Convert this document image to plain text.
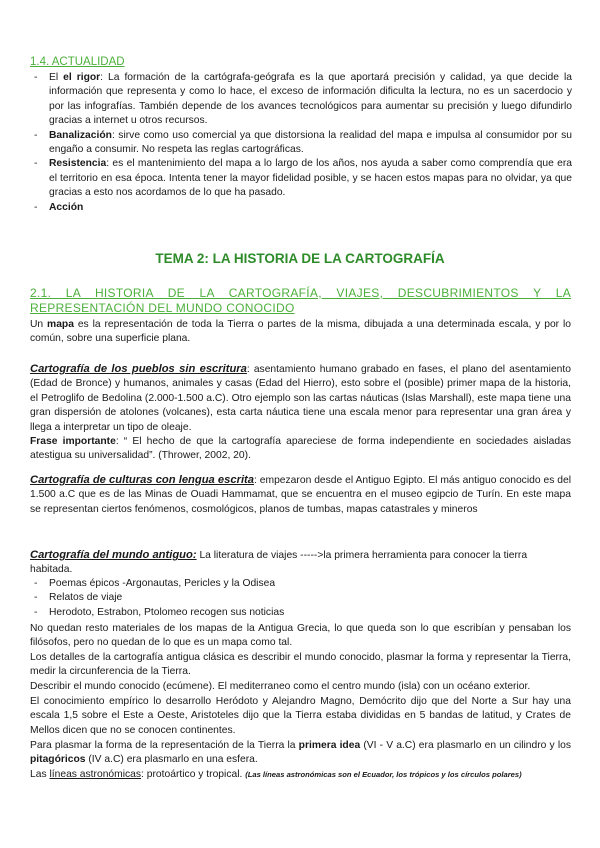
1.4. ACTUALIDAD
- El el rigor: La formación de la cartógrafa-geógrafa es la que aportará precisión y calidad, ya que decide la información que representa y como lo hace, el exceso de información dificulta la lectura, no es un sacerdocio y por las infografías. También depende de los avances tecnológicos para aumentar su precisión y luego difundirlo gracias a internet u otros recursos.
- Banalización: sirve como uso comercial ya que distorsiona la realidad del mapa e impulsa al consumidor por su engaño a consumir. No respeta las reglas cartográficas.
- Resistencia: es el mantenimiento del mapa a lo largo de los años, nos ayuda a saber como comprendía que era el territorio en esa época. Intenta tener la mayor fidelidad posible, y se hacen estos mapas para no olvidar, ya que gracias a esto nos acordamos de lo que ha pasado.
- Acción
TEMA 2: LA HISTORIA DE LA CARTOGRAFÍA
2.1. LA HISTORIA DE LA CARTOGRAFÍA, VIAJES, DESCUBRIMIENTOS Y LA REPRESENTACIÓN DEL MUNDO CONOCIDO

Un mapa es la representación de toda la Tierra o partes de la misma, dibujada a una determinada escala, y por lo común, sobre una superficie plana.

Cartografía de los pueblos sin escritura: asentamiento humano grabado en fases, el plano del asentamiento (Edad de Bronce) y humanos, animales y casas (Edad del Hierro), esto sobre el (posible) primer mapa de la historia, el Petroglifo de Bedolina (2.000-1.500 a.C). Otro ejemplo son las cartas náuticas (Islas Marshall), este mapa tiene una gran dispersión de atolones (volcanes), esta carta náutica tiene una escala menor para representar una gran área y llega a interpretar un tipo de oleaje.
Frase importante: “ El hecho de que la cartografía apareciese de forma independiente en sociedades aisladas atestigua su universalidad”. (Thrower, 2002, 20).

Cartografía de culturas con lengua escrita: empezaron desde el Antiguo Egipto. El más antiguo conocido es del 1.500 a.C que es de las Minas de Ouadi Hammamat, que se encuentra en el museo egipcio de Turín. En este mapa se representan ciertos fenómenos, cosmológicos, planos de tumbas, mapas catastrales y mineros

Cartografía del mundo antiguo: La literatura de viajes ----->la primera herramienta para conocer la tierra habitada.

- Poemas épicos -Argonautas, Pericles y la Odisea
- Relatos de viaje
- Herodoto, Estrabon, Ptolomeo recogen sus noticias

No quedan resto materiales de los mapas de la Antigua Grecia, lo que queda son lo que escribían y pensaban los filósofos, pero no quedan de lo que es un mapa como tal.

Los detalles de la cartografía antigua clásica es describir el mundo conocido, plasmar la forma y representar la Tierra, medir la circunferencia de la Tierra.

Describir el mundo conocido (ecúmene). El mediterraneo como el centro mundo (isla) con un océano exterior.

El conocimiento empírico lo desarrollo Heródoto y Alejandro Magno, Demócrito dijo que del Norte a Sur hay una escala 1,5 sobre el Este a Oeste, Aristoteles dijo que la Tierra estaba divididas en 5 bandas de latitud, y Crates de Mellos dicen que no se conocen continentes.

Para plasmar la forma de la representación de la Tierra la primera idea (VI - V a.C) era plasmarlo en un cilindro y los pitagóricos (IV a.C) era plasmarlo en una esfera.

Las líneas astronómicas: protoártico y tropical. (Las líneas astronómicas son el Ecuador, los trópicos y los círculos polares)
